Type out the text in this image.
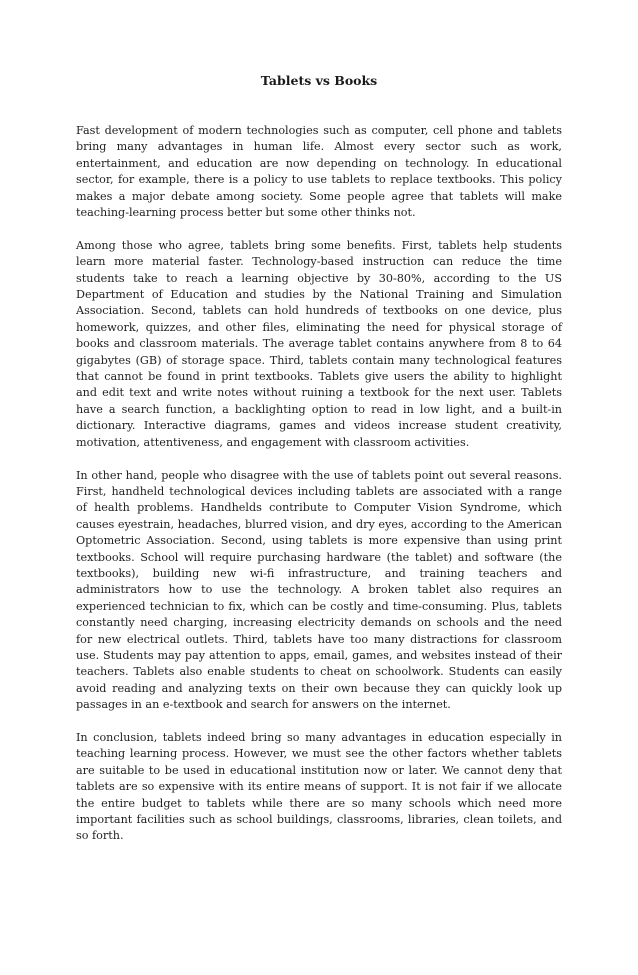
Tablets vs Books

Fast development of modern technologies such as computer, cell phone and tablets bring many advantages in human life. Almost every sector such as work, entertainment, and education are now depending on technology. In educational sector, for example, there is a policy to use tablets to replace textbooks. This policy makes a major debate among society. Some people agree that tablets will make teaching-learning process better but some other thinks not.

Among those who agree, tablets bring some benefits. First, tablets help students learn more material faster. Technology-based instruction can reduce the time students take to reach a learning objective by 30-80%, according to the US Department of Education and studies by the National Training and Simulation Association. Second, tablets can hold hundreds of textbooks on one device, plus homework, quizzes, and other files, eliminating the need for physical storage of books and classroom materials. The average tablet contains anywhere from 8 to 64 gigabytes (GB) of storage space. Third, tablets contain many technological features that cannot be found in print textbooks. Tablets give users the ability to highlight and edit text and write notes without ruining a textbook for the next user. Tablets have a search function, a backlighting option to read in low light, and a built-in dictionary. Interactive diagrams, games and videos increase student creativity, motivation, attentiveness, and engagement with classroom activities.

In other hand, people who disagree with the use of tablets point out several reasons. First, handheld technological devices including tablets are associated with a range of health problems. Handhelds contribute to Computer Vision Syndrome, which causes eyestrain, headaches, blurred vision, and dry eyes, according to the American Optometric Association. Second, using tablets is more expensive than using print textbooks. School will require purchasing hardware (the tablet) and software (the textbooks), building new wi-fi infrastructure, and training teachers and administrators how to use the technology. A broken tablet also requires an experienced technician to fix, which can be costly and time-consuming. Plus, tablets constantly need charging, increasing electricity demands on schools and the need for new electrical outlets. Third, tablets have too many distractions for classroom use. Students may pay attention to apps, email, games, and websites instead of their teachers. Tablets also enable students to cheat on schoolwork. Students can easily avoid reading and analyzing texts on their own because they can quickly look up passages in an e-textbook and search for answers on the internet.

In conclusion, tablets indeed bring so many advantages in education especially in teaching learning process. However, we must see the other factors whether tablets are suitable to be used in educational institution now or later. We cannot deny that tablets are so expensive with its entire means of support. It is not fair if we allocate the entire budget to tablets while there are so many schools which need more important facilities such as school buildings, classrooms, libraries, clean toilets, and so forth.
